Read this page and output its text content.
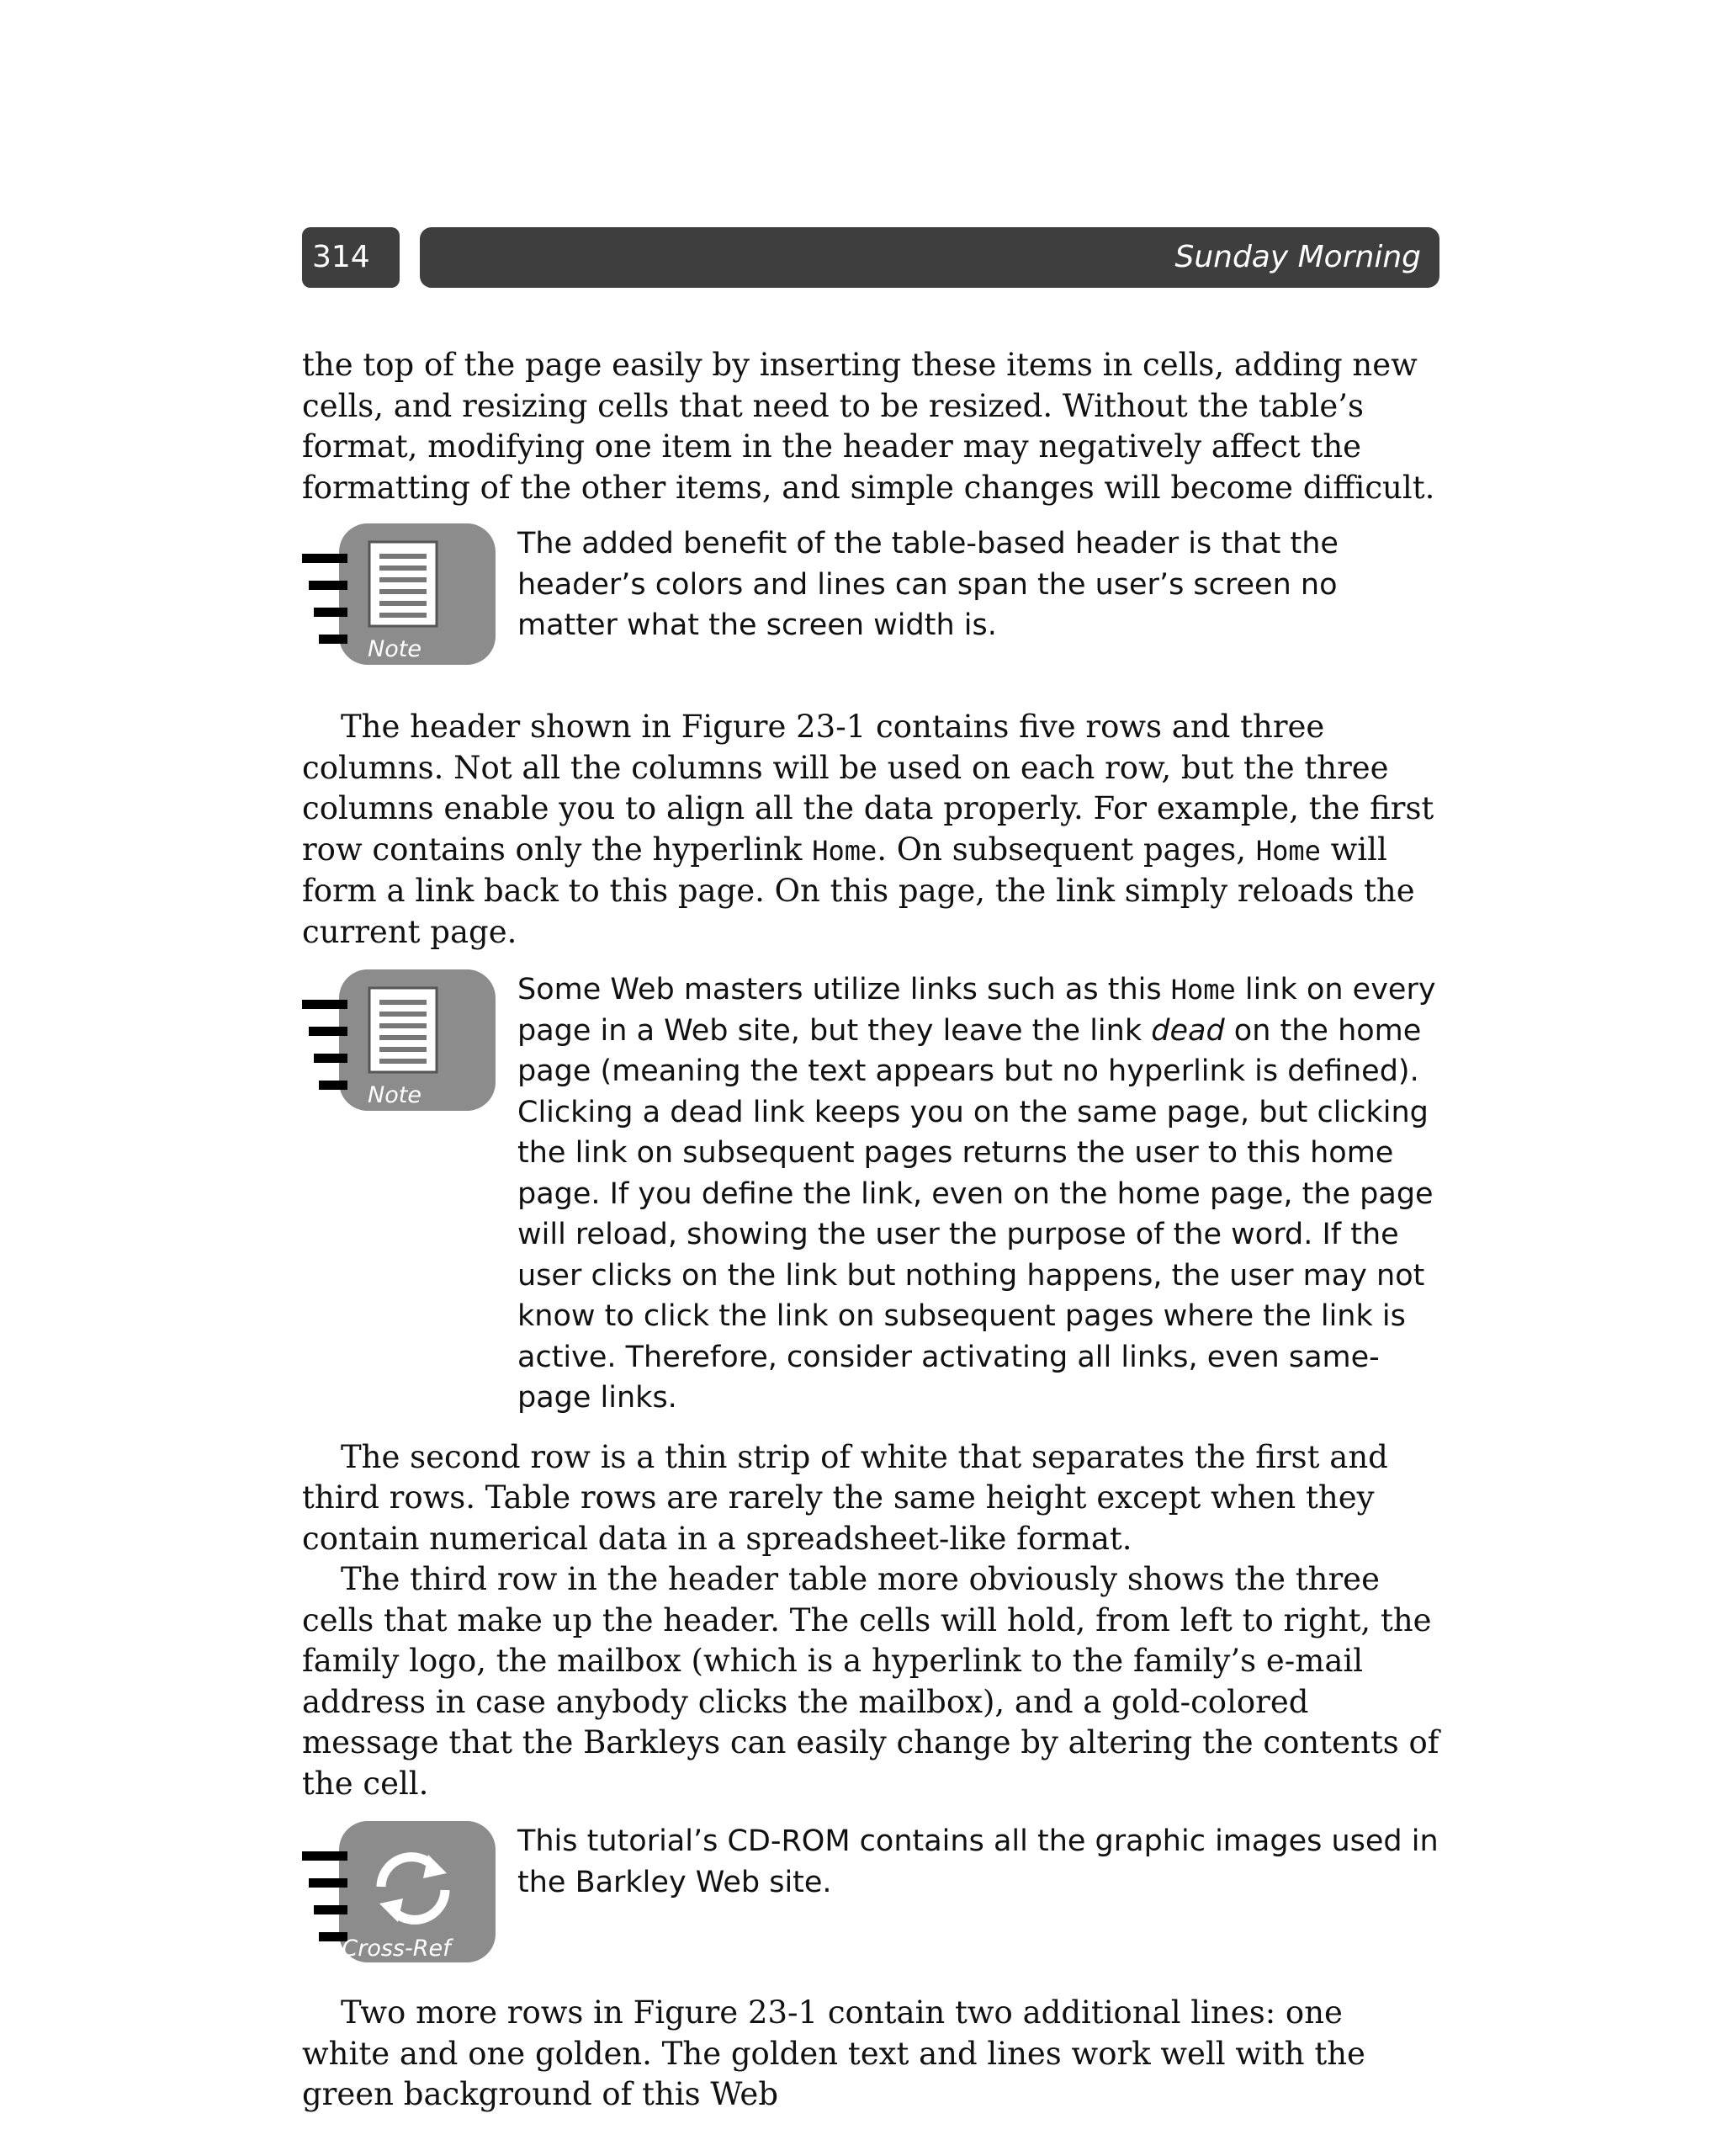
314	Sunday Morning

the top of the page easily by inserting these items in cells, adding new cells, and resizing cells that need to be resized. Without the table’s format, modifying one item in the header may negatively affect the formatting of the other items, and simple changes will become difficult.

Note

The added benefit of the table-based header is that the header’s colors and lines can span the user’s screen no matter what the screen width is.

The header shown in Figure 23-1 contains five rows and three columns. Not all the columns will be used on each row, but the three columns enable you to align all the data properly. For example, the first row contains only the hyperlink Home. On subsequent pages, Home will form a link back to this page. On this page, the link simply reloads the current page.

Note

Some Web masters utilize links such as this Home link on every page in a Web site, but they leave the link dead on the home page (meaning the text appears but no hyperlink is defined). Clicking a dead link keeps you on the same page, but clicking the link on subsequent pages returns the user to this home page. If you define the link, even on the home page, the page will reload, showing the user the purpose of the word. If the user clicks on the link but nothing happens, the user may not know to click the link on subsequent pages where the link is active. Therefore, consider activating all links, even same-page links.

The second row is a thin strip of white that separates the first and third rows. Table rows are rarely the same height except when they contain numerical data in a spreadsheet-like format.

The third row in the header table more obviously shows the three cells that make up the header. The cells will hold, from left to right, the family logo, the mailbox (which is a hyperlink to the family’s e-mail address in case anybody clicks the mailbox), and a gold-colored message that the Barkleys can easily change by altering the contents of the cell.

Cross-Ref

This tutorial’s CD-ROM contains all the graphic images used in the Barkley Web site.

Two more rows in Figure 23-1 contain two additional lines: one white and one golden. The golden text and lines work well with the green background of this Web
